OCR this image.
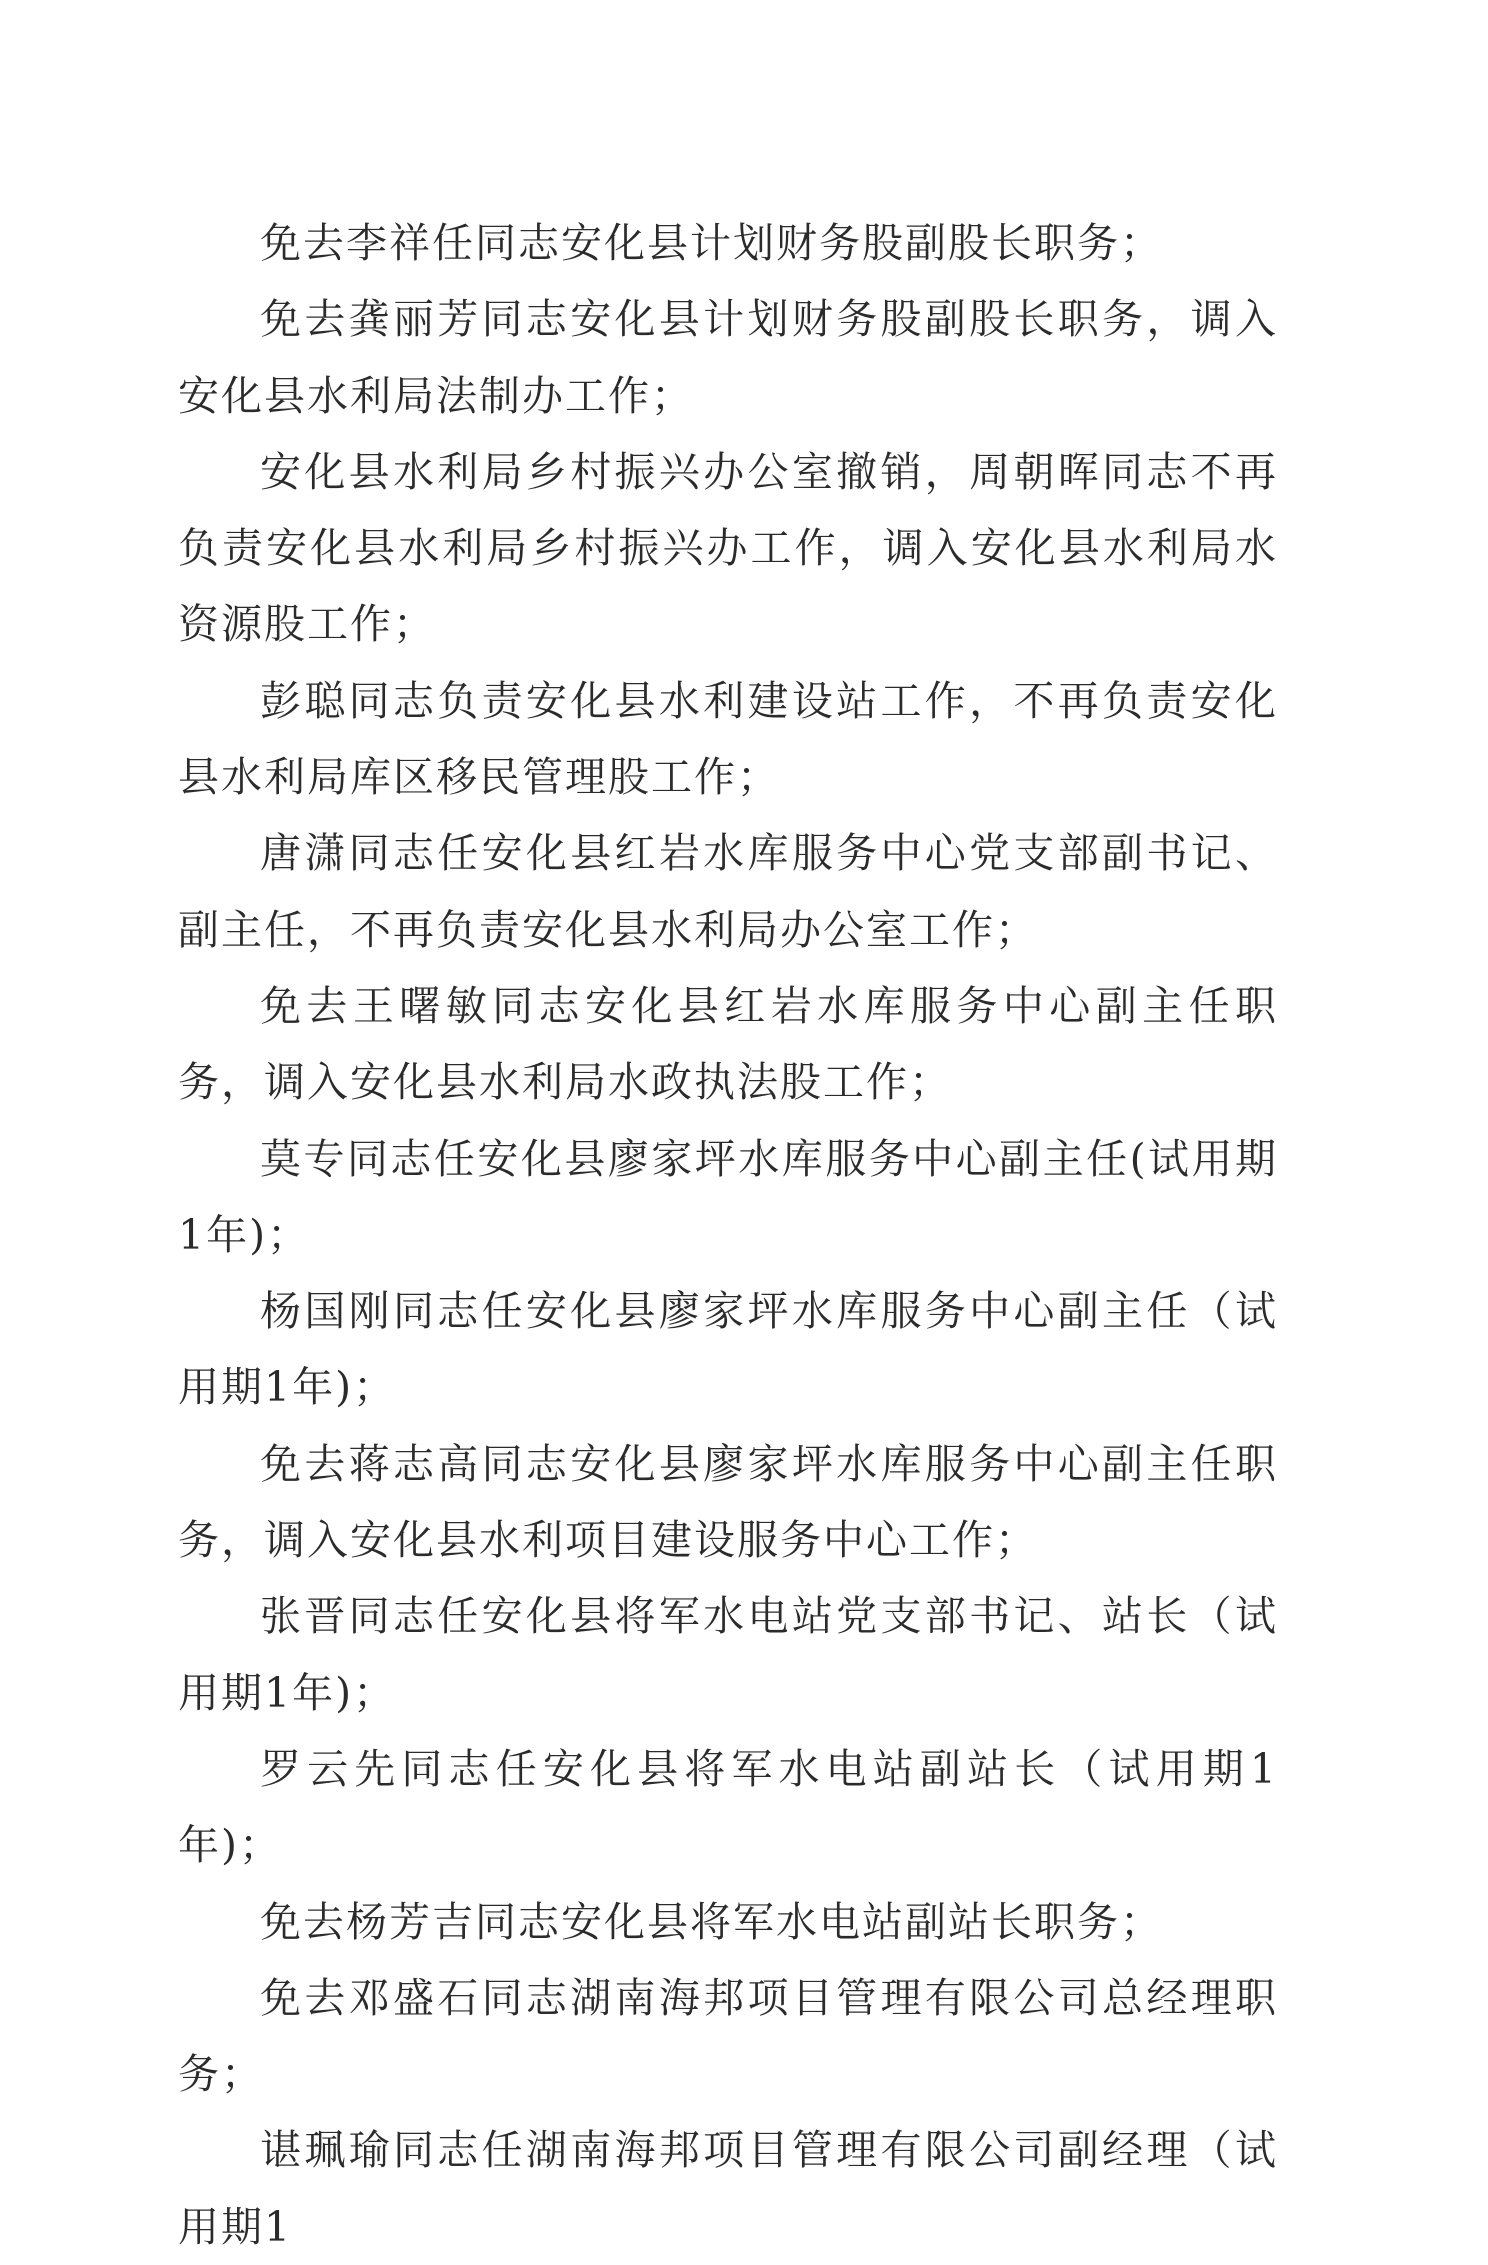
免去李祥任同志安化县计划财务股副股长职务；

免去龚丽芳同志安化县计划财务股副股长职务，调入安化县水利局法制办工作；

安化县水利局乡村振兴办公室撤销，周朝晖同志不再负责安化县水利局乡村振兴办工作，调入安化县水利局水资源股工作；

彭聪同志负责安化县水利建设站工作，不再负责安化县水利局库区移民管理股工作；

唐潇同志任安化县红岩水库服务中心党支部副书记、副主任，不再负责安化县水利局办公室工作；

免去王曙敏同志安化县红岩水库服务中心副主任职务，调入安化县水利局水政执法股工作；

莫专同志任安化县廖家坪水库服务中心副主任(试用期1年)；

杨国刚同志任安化县廖家坪水库服务中心副主任（试用期1年)；

免去蒋志高同志安化县廖家坪水库服务中心副主任职务，调入安化县水利项目建设服务中心工作；

张晋同志任安化县将军水电站党支部书记、站长（试用期1年)；

罗云先同志任安化县将军水电站副站长（试用期1年)；

免去杨芳吉同志安化县将军水电站副站长职务；

免去邓盛石同志湖南海邦项目管理有限公司总经理职务；

谌珮瑜同志任湖南海邦项目管理有限公司副经理（试用期1
